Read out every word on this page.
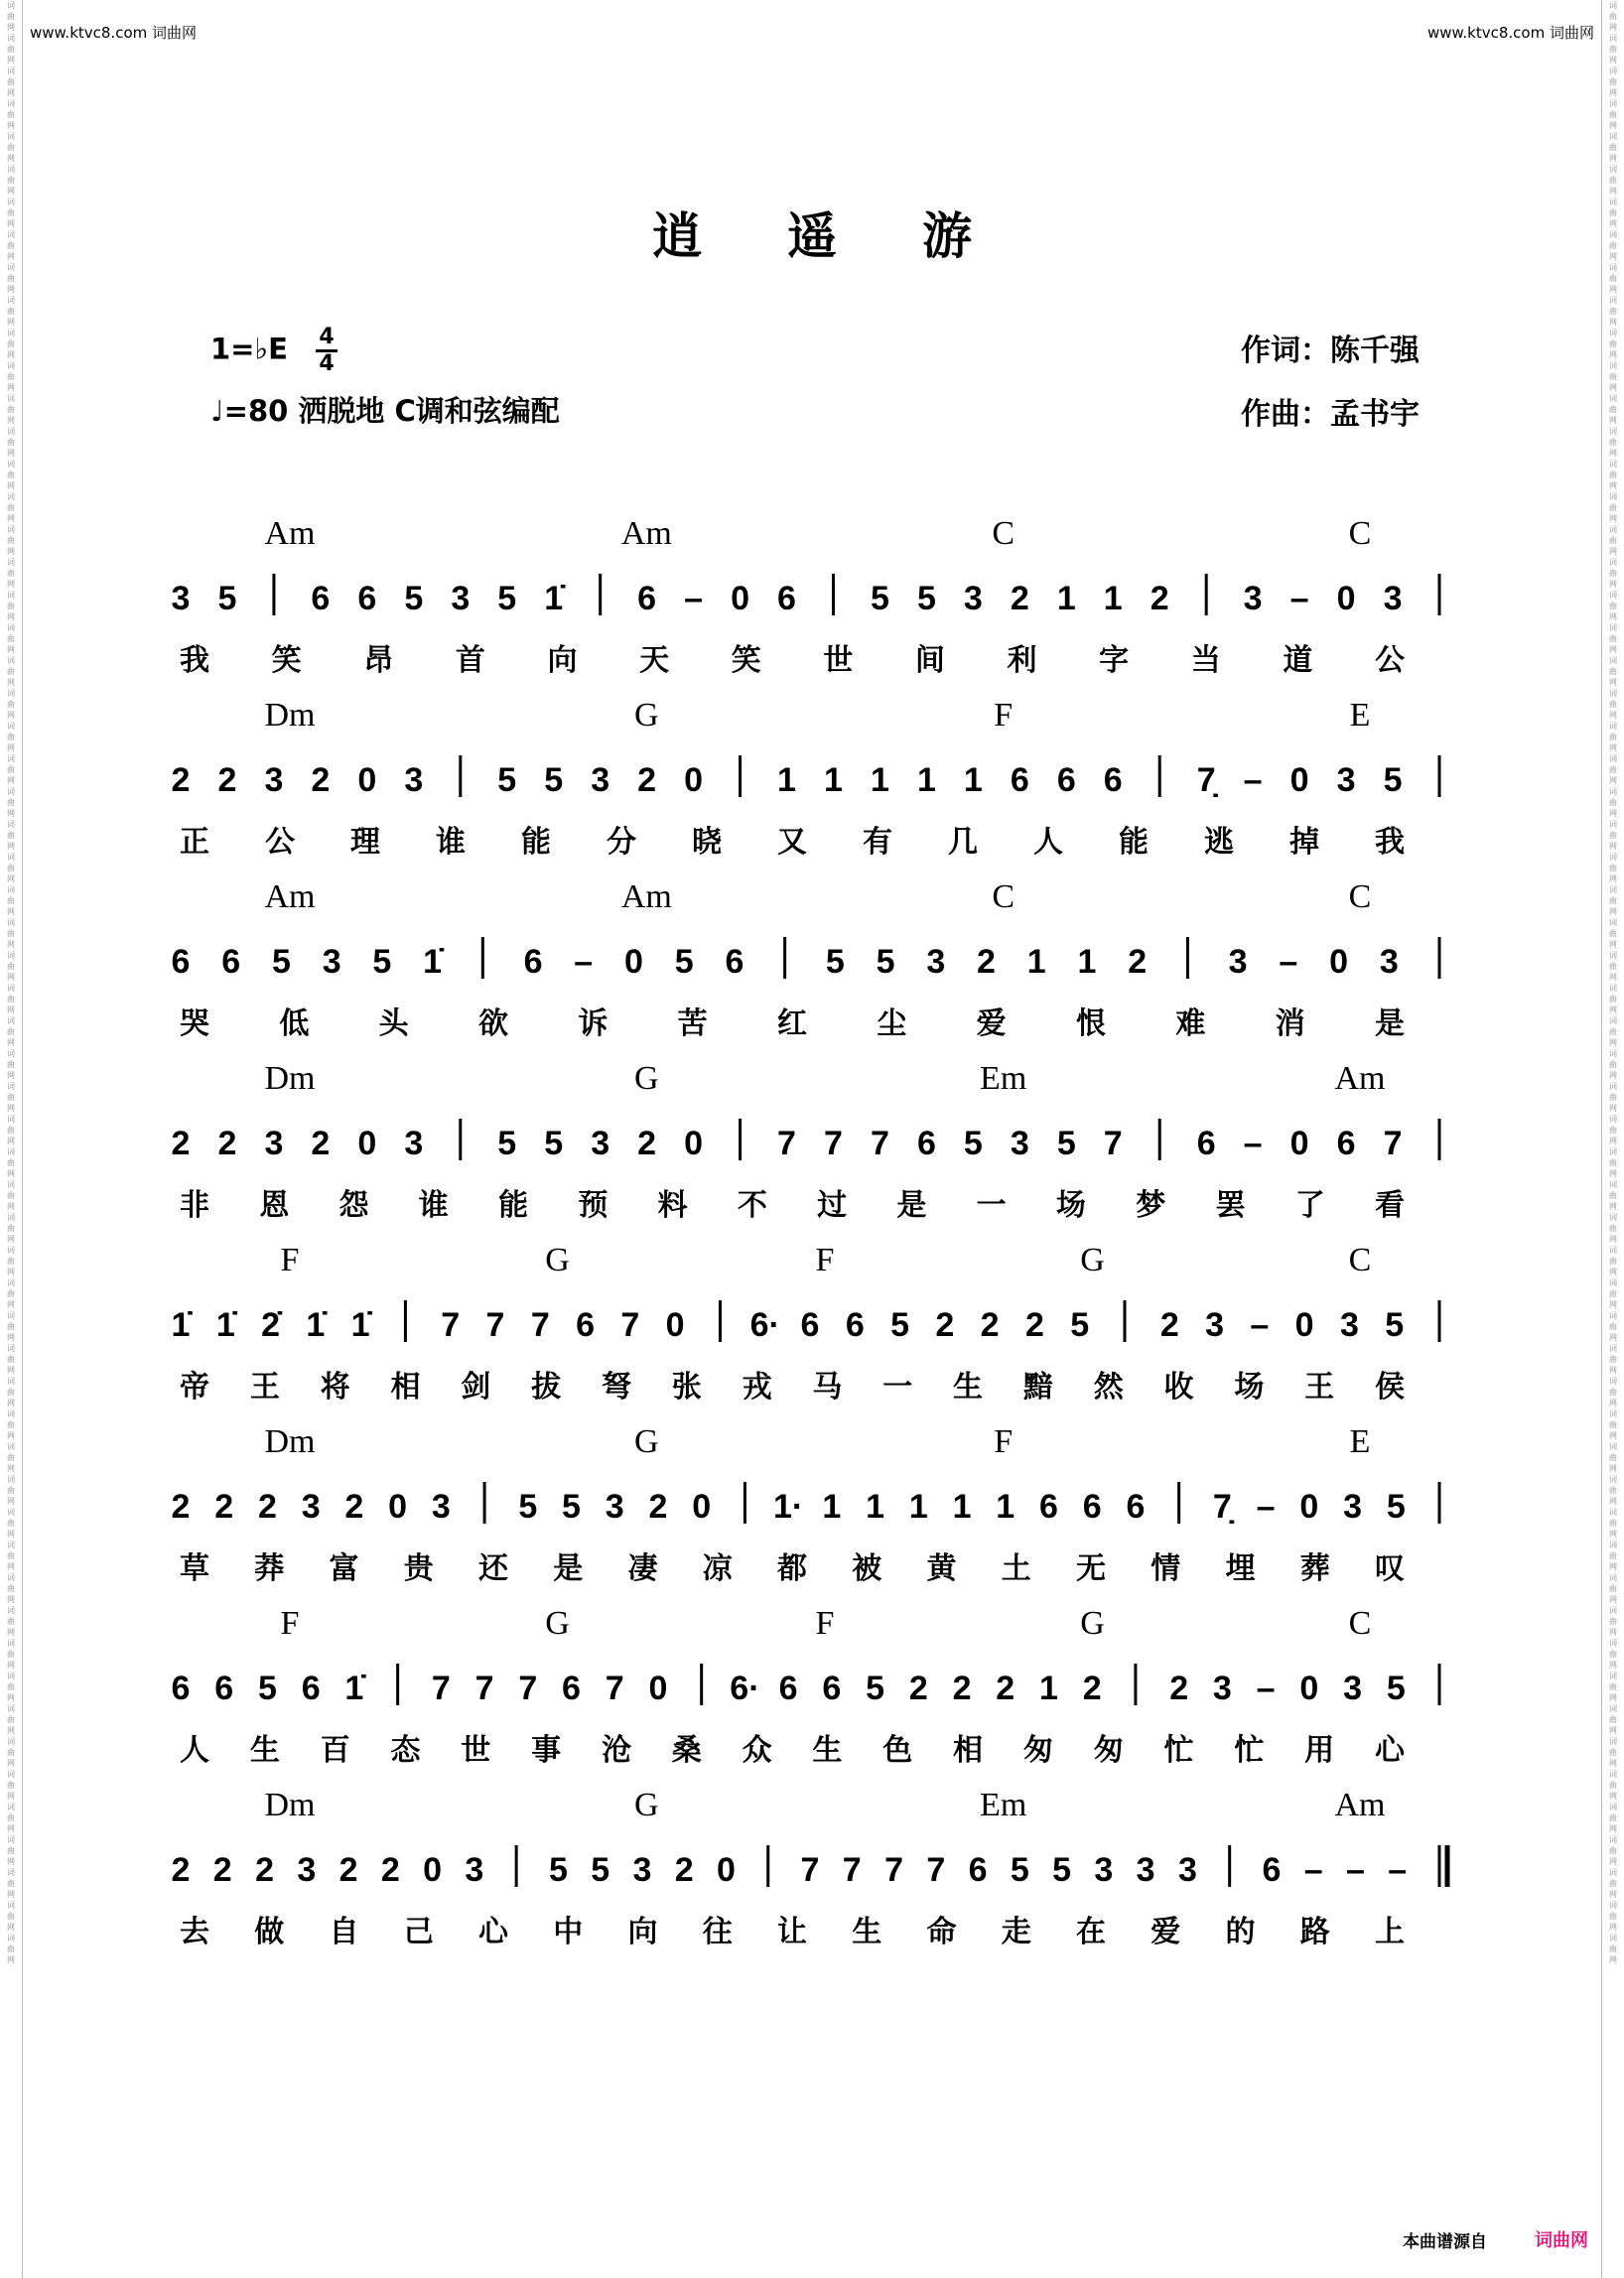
www.ktvc8.com 词曲网	www.ktvc8.com 词曲网
逍遥游
1=♭E $\frac{4}{4}$
♩=80 洒脱地 C调和弦编配
作词：陈千强
作曲：孟书宇
3 5 6 6 5 3 5 1̇ 6 – 0 6 5 5 3 2 1 1 2 3 – 0 3
Am	Am	C	C
我 笑 昂 首 向 天 笑 世 间 利 字 当 道 公
2 2 3 2 0 3 5 5 3 2 0 1 1 1 1 1 6 6 6 7̣ – 0 3 5
Dm	G	F	E
正 公 理 谁 能 分 晓 又 有 几 人 能 逃 掉 我
6 6 5 3 5 1̇ 6 – 0 5 6 5 5 3 2 1 1 2 3 – 0 3
Am	Am	C	C
哭 低 头 欲 诉 苦 红 尘 爱 恨 难 消 是
2 2 3 2 0 3 5 5 3 2 0 7 7 7 6 5 3 5 7 6 – 0 6 7
Dm	G	Em	Am
非 恩 怨 谁 能 预 料 不 过 是 一 场 梦 罢 了 看
1̇ 1̇ 2̇ 1̇ 1̇ 7 7 7 6 7 0 6· 6 6 5 2 2 2 5 2 3 – 0 3 5
F	G	F	G	C
帝 王 将 相 剑 拔 弩 张 戎 马 一 生 黯 然 收 场 王 侯
2 2 2 3 2 0 3 5 5 3 2 0 1· 1 1 1 1 1 6 6 6 7̣ – 0 3 5
Dm	G	F	E
草 莽 富 贵 还 是 凄 凉 都 被 黄 土 无 情 埋 葬 叹
6 6 5 6 1̇ 7 7 7 6 7 0 6· 6 6 5 2 2 2 1 2 2 3 – 0 3 5
F	G	F	G	C
人 生 百 态 世 事 沧 桑 众 生 色 相 匆 匆 忙 忙 用 心
2 2 2 3 2 2 0 3 5 5 3 2 0 7 7 7 7 6 5 5 3 3 3 6 – – –
Dm	G	Em	Am
去 做 自 己 心 中 向 往 让 生 命 走 在 爱 的 路 上
本曲谱源自	词曲网
词曲网
词曲网
词曲网
词曲网
词曲网
词曲网
词曲网
词曲网
词曲网
词曲网
词曲网
词曲网
词曲网
词曲网
词曲网
词曲网
词曲网
词曲网
词曲网
词曲网
词曲网
词曲网
词曲网
词曲网
词曲网
词曲网
词曲网
词曲网
词曲网
词曲网
词曲网
词曲网
词曲网
词曲网
词曲网
词曲网
词曲网
词曲网
词曲网
词曲网
词曲网
词曲网
词曲网
词曲网
词曲网
词曲网
词曲网
词曲网
词曲网
词曲网
词曲网
词曲网
词曲网
词曲网
词曲网
词曲网
词曲网
词曲网
词曲网
词曲网
词曲网
词曲网
词曲网
词曲网
词曲网
词曲网
词曲网
词曲网
词曲网
词曲网
词曲网
词曲网
词曲网
词曲网
词曲网
词曲网
词曲网
词曲网
词曲网
词曲网
词曲网
词曲网
词曲网
词曲网
词曲网
词曲网
词曲网
词曲网
词曲网
词曲网
词曲网
词曲网
词曲网
词曲网
词曲网
词曲网
词曲网
词曲网
词曲网
词曲网
词曲网
词曲网
词曲网
词曲网
词曲网
词曲网
词曲网
词曲网
词曲网
词曲网
词曲网
词曲网
词曲网
词曲网
词曲网
词曲网
词曲网
词曲网
词曲网
词曲网
